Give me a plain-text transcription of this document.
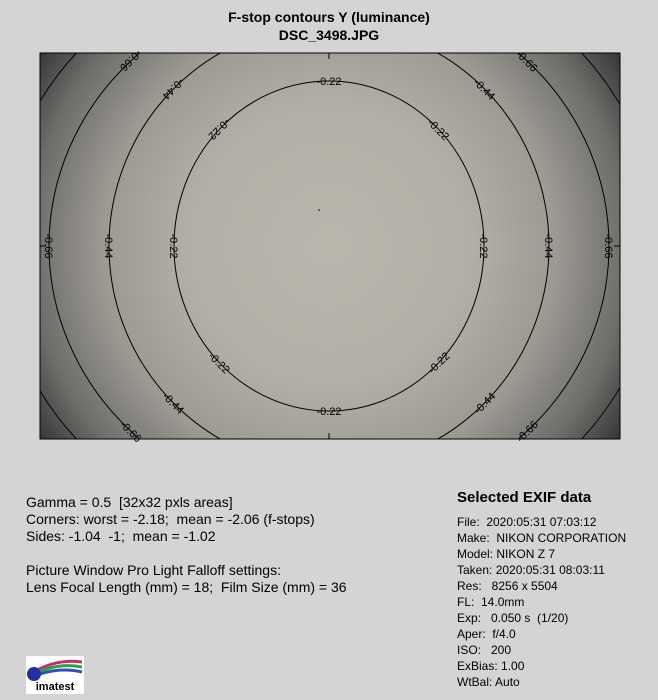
F-stop contours Y (luminance)
DSC_3498.JPG
-0.22
-0.22
-0.22
-0.22
-0.22
-0.22
-0.22
-0.22
-0.44
-0.44
-0.44
-0.44
-0.44
-0.44
-0.66
-0.66
-0.66
-0.66
-0.66
-0.66
Gamma = 0.5  [32x32 pxls areas]
Corners: worst = -2.18;  mean = -2.06 (f-stops)
Sides: -1.04  -1;  mean = -1.02
Picture Window Pro Light Falloff settings:
Lens Focal Length (mm) = 18;  Film Size (mm) = 36
Selected EXIF data
File:  2020:05:31 07:03:12
Make:  NIKON CORPORATION
Model: NIKON Z 7
Taken: 2020:05:31 08:03:11
Res:   8256 x 5504
FL:  14.0mm
Exp:   0.050 s  (1/20)
Aper:  f/4.0
ISO:   200
ExBias: 1.00
WtBal: Auto
imatest
